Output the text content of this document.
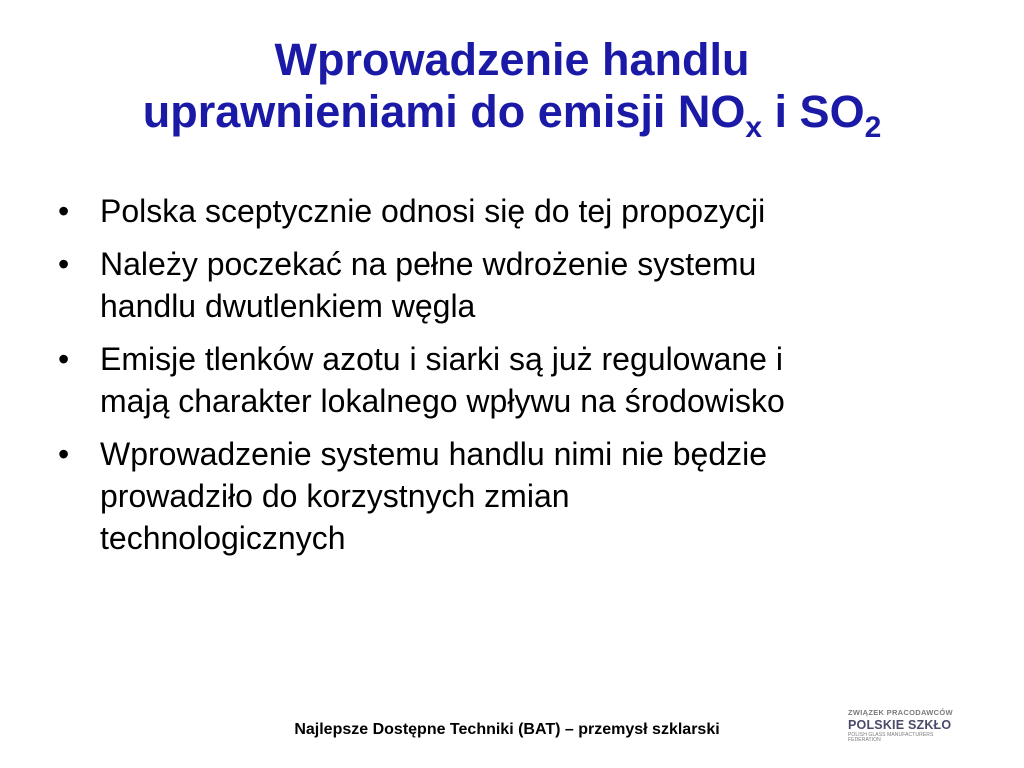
Wprowadzenie handlu
uprawnieniami do emisji $NO_x$ i $SO_2$
• Polska sceptycznie odnosi się do tej propozycji
• Należy poczekać na pełne wdrożenie systemu
handlu dwutlenkiem węgla
• Emisje tlenków azotu i siarki są już regulowane i
mają charakter lokalnego wpływu na środowisko
• Wprowadzenie systemu handlu nimi nie będzie
prowadziło do korzystnych zmian
technologicznych
Najlepsze Dostępne Techniki (BAT) – przemysł szklarski
ZWIĄZEK PRACODAWCÓW
POLSKIE SZKŁO
POLISH GLASS MANUFACTURERS FEDERATION
